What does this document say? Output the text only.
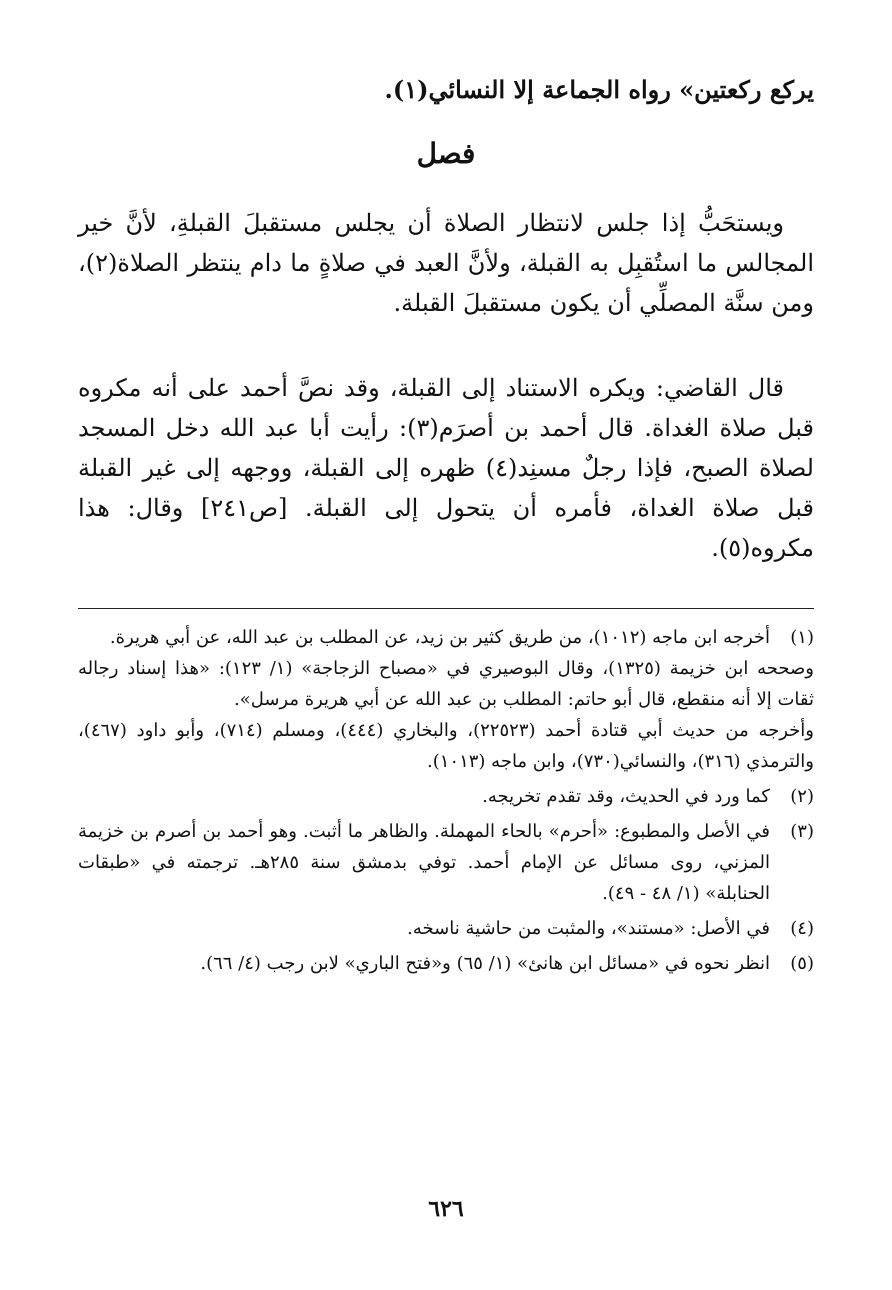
يركع ركعتين» رواه الجماعة إلا النسائي(١).

فصل

ويستحَبُّ إذا جلس لانتظار الصلاة أن يجلس مستقبلَ القبلةِ، لأنَّ خير المجالس ما استُقبِل به القبلة، ولأنَّ العبد في صلاةٍ ما دام ينتظر الصلاة(٢)، ومن سنَّة المصلِّي أن يكون مستقبلَ القبلة.

قال القاضي: ويكره الاستناد إلى القبلة، وقد نصَّ أحمد على أنه مكروه قبل صلاة الغداة. قال أحمد بن أصرَم(٣): رأيت أبا عبد الله دخل المسجد لصلاة الصبح، فإذا رجلٌ مسنِد(٤) ظهره إلى القبلة، ووجهه إلى غير القبلة قبل صلاة الغداة، فأمره أن يتحول إلى القبلة. [ص٢٤١] وقال: هذا مكروه(٥).

(١)
أخرجه ابن ماجه (١٠١٢)، من طريق كثير بن زيد، عن المطلب بن عبد الله، عن أبي هريرة.
وصححه ابن خزيمة (١٣٢٥)، وقال البوصيري في «مصباح الزجاجة» (١/ ١٢٣): «هذا إسناد رجاله ثقات إلا أنه منقطع، قال أبو حاتم: المطلب بن عبد الله عن أبي هريرة مرسل».
وأخرجه من حديث أبي قتادة أحمد (٢٢٥٢٣)، والبخاري (٤٤٤)، ومسلم (٧١٤)، وأبو داود (٤٦٧)، والترمذي (٣١٦)، والنسائي(٧٣٠)، وابن ماجه (١٠١٣).
(٢)
كما ورد في الحديث، وقد تقدم تخريجه.
(٣)
في الأصل والمطبوع: «أحرم» بالحاء المهملة. والظاهر ما أثبت. وهو أحمد بن أصرم بن خزيمة المزني، روى مسائل عن الإمام أحمد. توفي بدمشق سنة ٢٨٥هـ. ترجمته في «طبقات الحنابلة» (١/ ٤٨ - ٤٩).
(٤)
في الأصل: «مستند»، والمثبت من حاشية ناسخه.
(٥)
انظر نحوه في «مسائل ابن هانئ» (١/ ٦٥) و«فتح الباري» لابن رجب (٤/ ٦٦).
٦٢٦
